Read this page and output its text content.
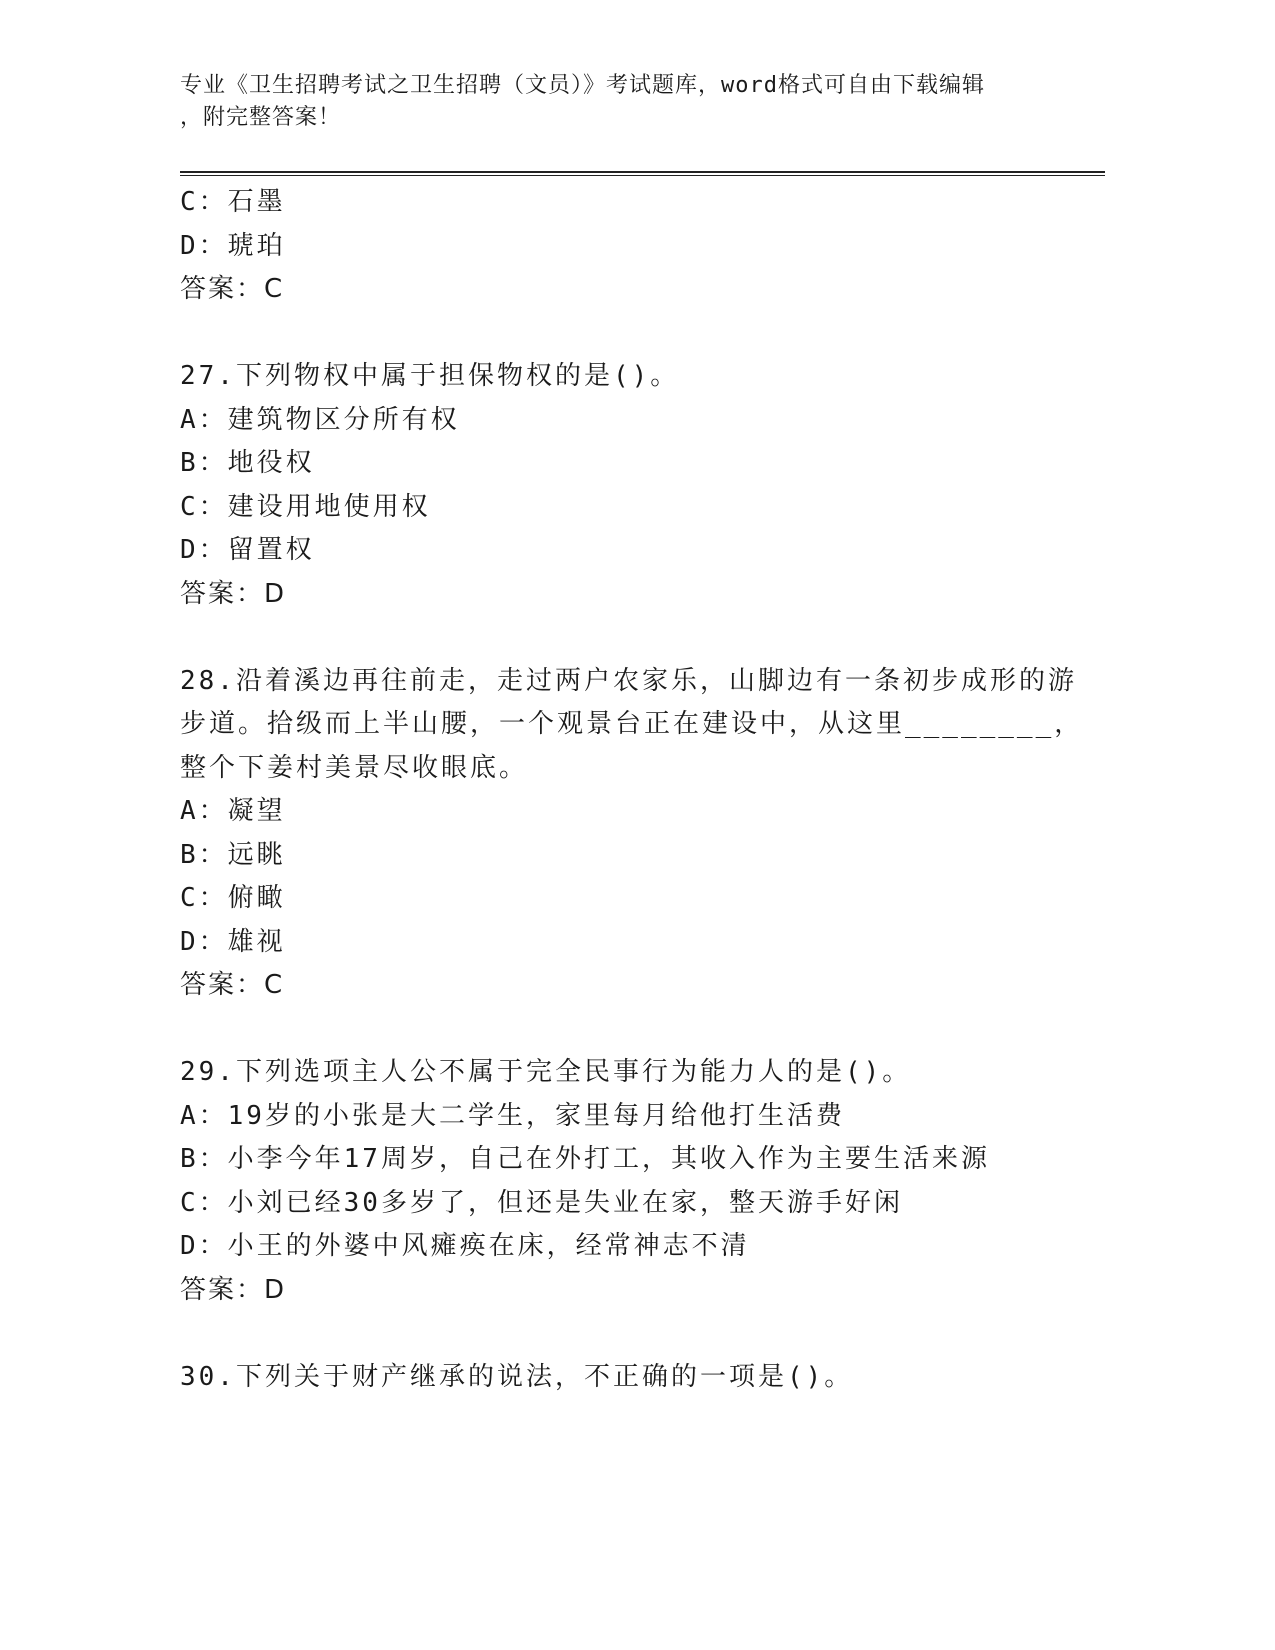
专业《卫生招聘考试之卫生招聘（文员）》考试题库，word格式可自由下载编辑
，附完整答案！
C：石墨
D：琥珀
答案：C
27.下列物权中属于担保物权的是()。
A：建筑物区分所有权
B：地役权
C：建设用地使用权
D：留置权
答案：D
28.沿着溪边再往前走，走过两户农家乐，山脚边有一条初步成形的游
步道。拾级而上半山腰，一个观景台正在建设中，从这里________，
整个下姜村美景尽收眼底。
A：凝望
B：远眺
C：俯瞰
D：雄视
答案：C
29.下列选项主人公不属于完全民事行为能力人的是()。
A：19岁的小张是大二学生，家里每月给他打生活费
B：小李今年17周岁，自己在外打工，其收入作为主要生活来源
C：小刘已经30多岁了，但还是失业在家，整天游手好闲
D：小王的外婆中风瘫痪在床，经常神志不清
答案：D
30.下列关于财产继承的说法，不正确的一项是()。
